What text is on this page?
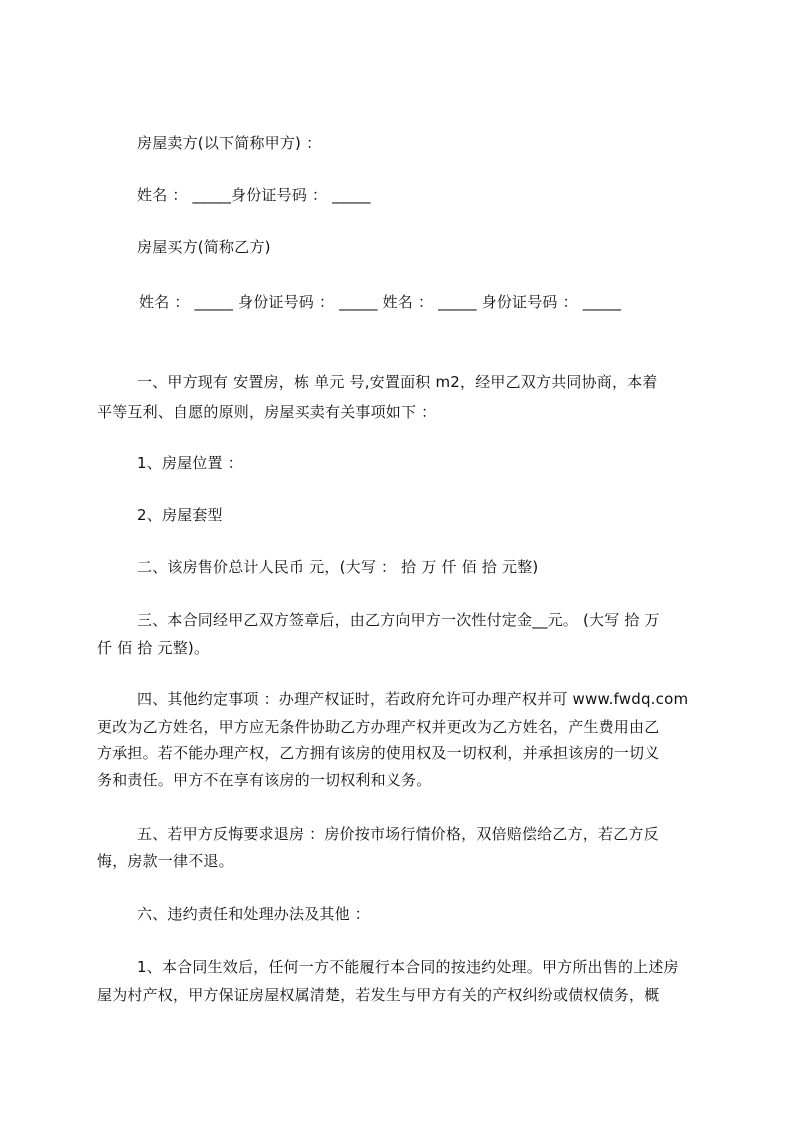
房屋卖方(以下简称甲方) ：
姓名 ： _____身份证号码 ： _____
房屋买方(简称乙方)
姓名 ： _____ 身份证号码 ： _____ 姓名 ： _____ 身份证号码 ： _____
一、甲方现有 安置房，栋 单元 号,安置面积 m2，经甲乙双方共同协商，本着
平等互利、自愿的原则，房屋买卖有关事项如下 ：
1、房屋位置 ：
2、房屋套型
二、该房售价总计人民币 元，(大写 ： 拾 万 仟 佰 拾 元整)
三、本合同经甲乙双方签章后，由乙方向甲方一次性付定金__元。 (大写 拾 万
仟 佰 拾 元整)。
四、其他约定事项 ：办理产权证时，若政府允许可办理产权并可 www.fwdq.com
更改为乙方姓名，甲方应无条件协助乙方办理产权并更改为乙方姓名，产生费用由乙
方承担。若不能办理产权，乙方拥有该房的使用权及一切权利，并承担该房的一切义
务和责任。甲方不在享有该房的一切权利和义务。
五、若甲方反悔要求退房 ：房价按市场行情价格，双倍赔偿给乙方，若乙方反
悔，房款一律不退。
六、违约责任和处理办法及其他 ：
1、本合同生效后，任何一方不能履行本合同的按违约处理。甲方所出售的上述房
屋为村产权，甲方保证房屋权属清楚，若发生与甲方有关的产权纠纷或债权债务，概
